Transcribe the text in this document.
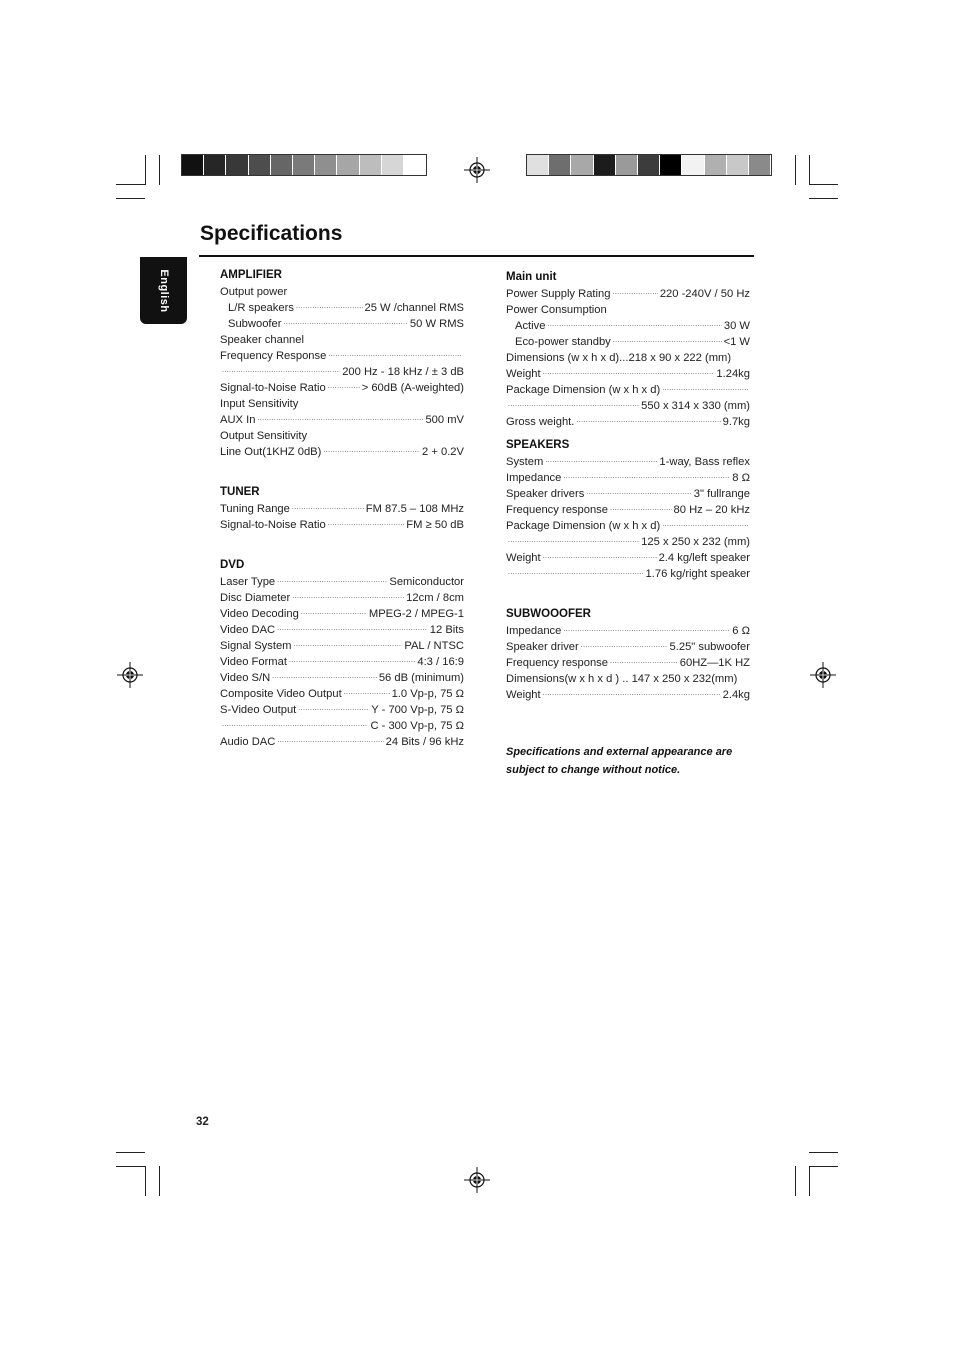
Specifications
English	AMPLIFIER
Output power
L/R speakers .....	25 W /channel RMS
Subwoofer .....	50 W RMS
Speaker channel
Frequency Response
.....
.....
200 Hz - 18 kHz / ± 3 dB
Signal-to-Noise Ratio .....	> 60dB (A-weighted)
Input Sensitivity
AUX In .....	500 mV
Output Sensitivity
Line Out(1KHZ 0dB) .....	2 + 0.2V
TUNER
Tuning Range .....	FM 87.5 – 108 MHz
Signal-to-Noise Ratio .....	FM ≥ 50 dB
DVD
Laser Type .....	Semiconductor
Disc Diameter .....	12cm / 8cm
Video Decoding .....	MPEG-2 / MPEG-1
Video DAC .....	12 Bits
Signal System .....	PAL / NTSC
Video Format .....	4:3 / 16:9
Video S/N .....	56 dB (minimum)
Composite Video Output .....	1.0 Vp-p, 75 Ω
S-Video Output .....	Y - 700 Vp-p, 75 Ω
.....
C - 300 Vp-p, 75 Ω
Audio DAC .....	24 Bits / 96 kHz
Main unit
Power Supply Rating .....	220 -240V / 50 Hz
Power Consumption
Active .....	30 W
Eco-power standby .....	<1 W
Dimensions (w x h x d)...218 x 90 x 222 (mm)
Weight .....	1.24kg
Package Dimension (w x h x d)
.....
.....
550 x 314 x 330 (mm)
Gross weight. .....	9.7kg
SPEAKERS
System .....	1-way, Bass reflex
Impedance .....	8 Ω
Speaker drivers .....	3" fullrange
Frequency response .....	80 Hz – 20 kHz
Package Dimension (w x h x d)
.....
.....
125 x 250 x 232 (mm)
Weight .....	2.4 kg/left speaker
.....
1.76 kg/right speaker
SUBWOOOFER
Impedance .....	6 Ω
Speaker driver .....	5.25" subwoofer
Frequency response .....	60HZ—1K HZ
Dimensions(w x h x d ) .. 147 x 250 x 232(mm)
Weight .....	2.4kg
Specifications and external appearance are subject to change without notice.
32
